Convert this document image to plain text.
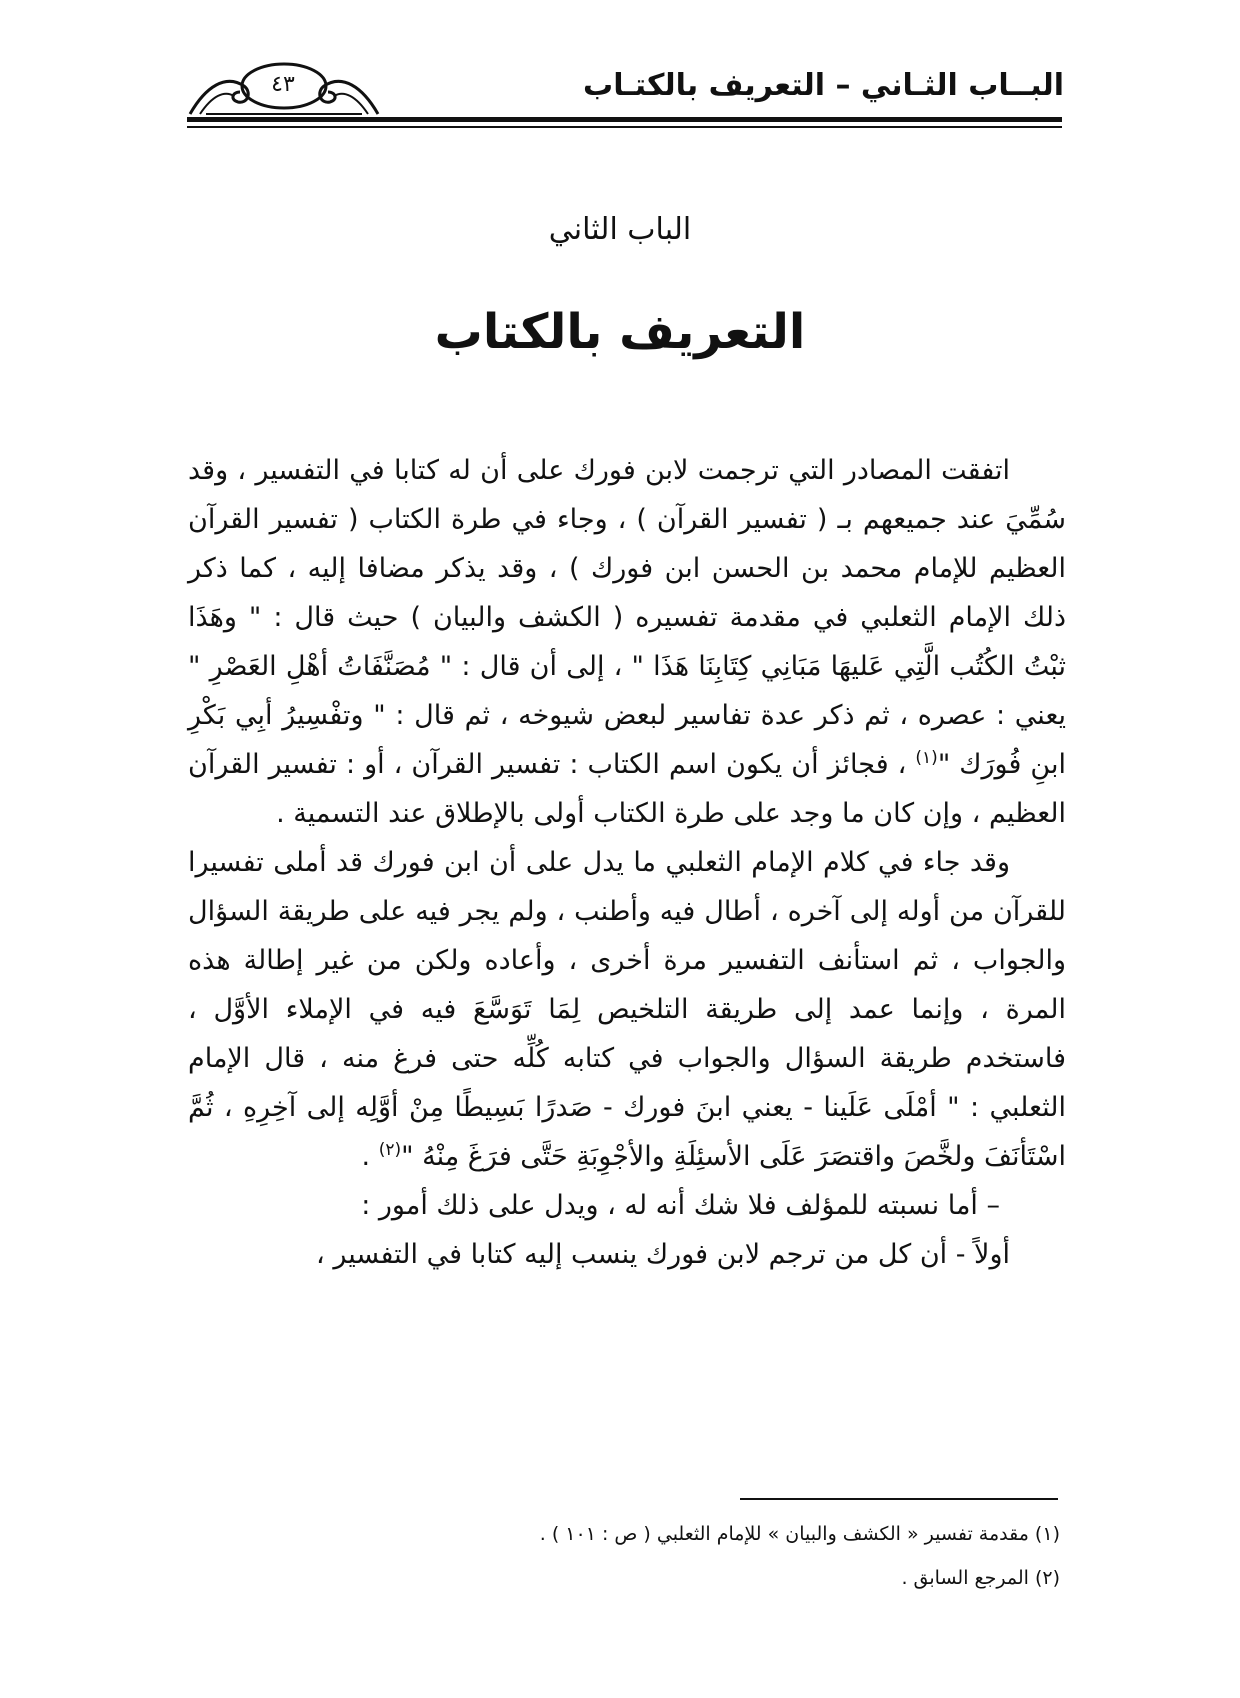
البــاب الثـاني – التعريف بالكتـاب
٤٣
الباب الثاني
التعريف بالكتاب

اتفقت المصادر التي ترجمت لابن فورك على أن له كتابا في التفسير ، وقد سُمِّيَ عند جميعهم بـ ( تفسير القرآن ) ، وجاء في طرة الكتاب ( تفسير القرآن العظيم للإمام محمد بن الحسن ابن فورك ) ، وقد يذكر مضافا إليه ، كما ذكر ذلك الإمام الثعلبي في مقدمة تفسيره ( الكشف والبيان ) حيث قال : " وهَذَا ثبْتُ الكُتُب الَّتِي عَليهَا مَبَانِي كِتَابِنَا هَذَا " ، إلى أن قال : " مُصَنَّفَاتُ أهْلِ العَصْرِ " يعني : عصره ، ثم ذكر عدة تفاسير لبعض شيوخه ، ثم قال : " وتفْسِيرُ أبِي بَكْرِ ابنِ فُورَك "$^{(١)}$ ، فجائز أن يكون اسم الكتاب : تفسير القرآن ، أو : تفسير القرآن العظيم ، وإن كان ما وجد على طرة الكتاب أولى بالإطلاق عند التسمية .

وقد جاء في كلام الإمام الثعلبي ما يدل على أن ابن فورك قد أملى تفسيرا للقرآن من أوله إلى آخره ، أطال فيه وأطنب ، ولم يجر فيه على طريقة السؤال والجواب ، ثم استأنف التفسير مرة أخرى ، وأعاده ولكن من غير إطالة هذه المرة ، وإنما عمد إلى طريقة التلخيص لِمَا تَوَسَّعَ فيه في الإملاء الأوَّل ، فاستخدم طريقة السؤال والجواب في كتابه كُلِّه حتى فرغ منه ، قال الإمام الثعلبي : " أمْلَى عَلَينا - يعني ابنَ فورك - صَدرًا بَسِيطًا مِنْ أوَّلِه إلى آخِرِهِ ، ثُمَّ اسْتَأنَفَ ولخَّصَ واقتصَرَ عَلَى الأسئِلَةِ والأجْوِبَةِ حَتَّى فرَغَ مِنْهُ "$^{(٢)}$ .

– أما نسبته للمؤلف فلا شك أنه له ، ويدل على ذلك أمور :

أولاً - أن كل من ترجم لابن فورك ينسب إليه كتابا في التفسير ،

(١) مقدمة تفسير « الكشف والبيان » للإمام الثعلبي ( ص : ١٠١ ) .

(٢) المرجع السابق .
